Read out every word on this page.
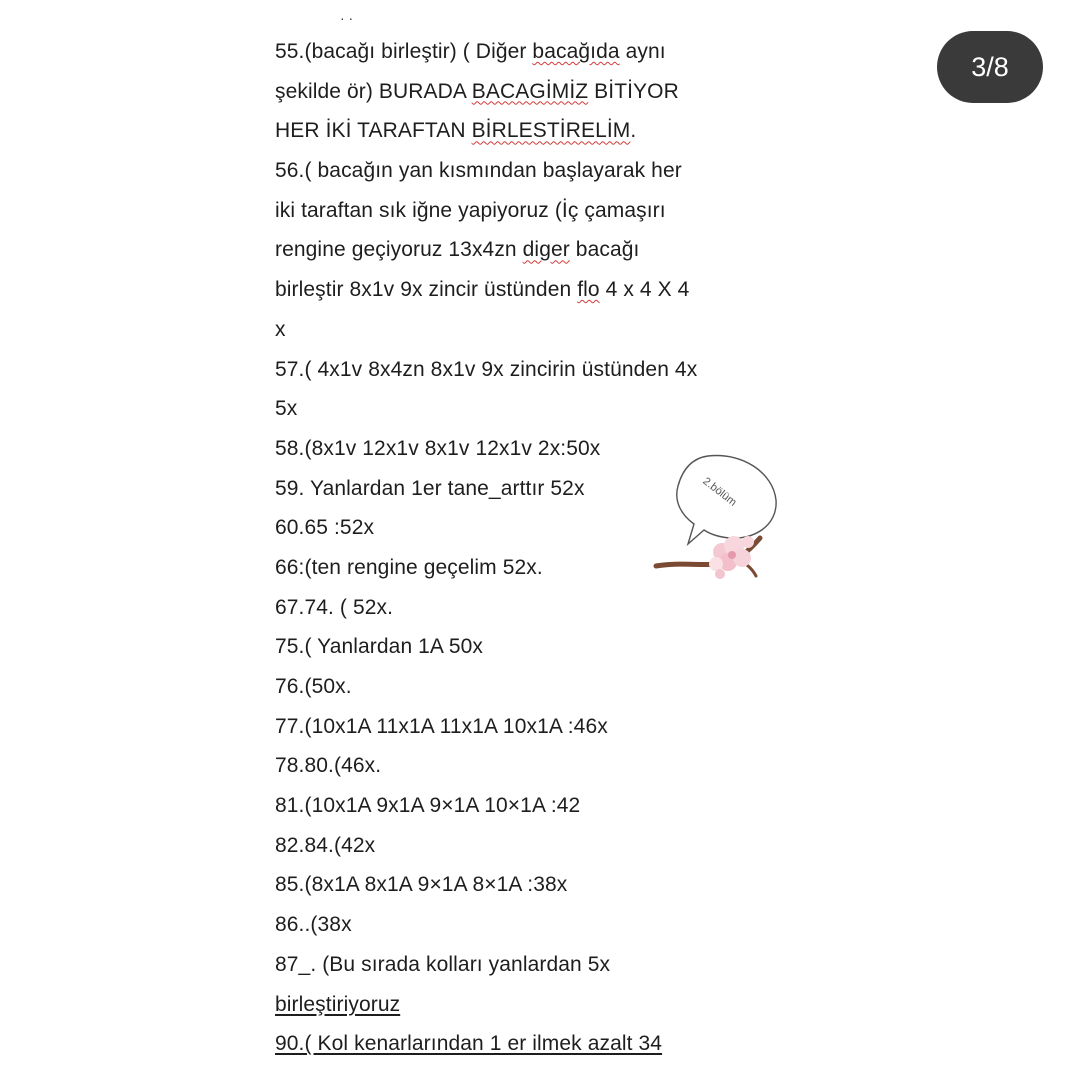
· ·
55.(bacağı birleştir) ( Diğer bacağıda aynı
şekilde ör) BURADA BACAGİMİZ BİTİYOR
HER İKİ TARAFTAN BİRLESTİRELİM.
56.( bacağın yan kısmından başlayarak her
iki taraftan sık iğne yapiyoruz (İç çamaşırı
rengine geçiyoruz 13x4zn diger bacağı
birleştir 8x1v 9x zincir üstünden flo 4 x 4 X 4
x
57.( 4x1v 8x4zn 8x1v 9x zincirin üstünden 4x
5x
58.(8x1v 12x1v 8x1v 12x1v 2x:50x
59. Yanlardan 1er tane_arttır 52x
60.65 :52x
66:(ten rengine geçelim 52x.
67.74. ( 52x.
75.( Yanlardan 1A 50x
76.(50x.
77.(10x1A 11x1A 11x1A 10x1A :46x
78.80.(46x.
81.(10x1A 9x1A 9×1A 10×1A :42
82.84.(42x
85.(8x1A 8x1A 9×1A 8×1A :38x
86..(38x
87_. (Bu sırada kolları yanlardan 5x
birleştiriyoruz
90.( Kol kenarlarından 1 er ilmek azalt 34
3/8
2.bölüm
